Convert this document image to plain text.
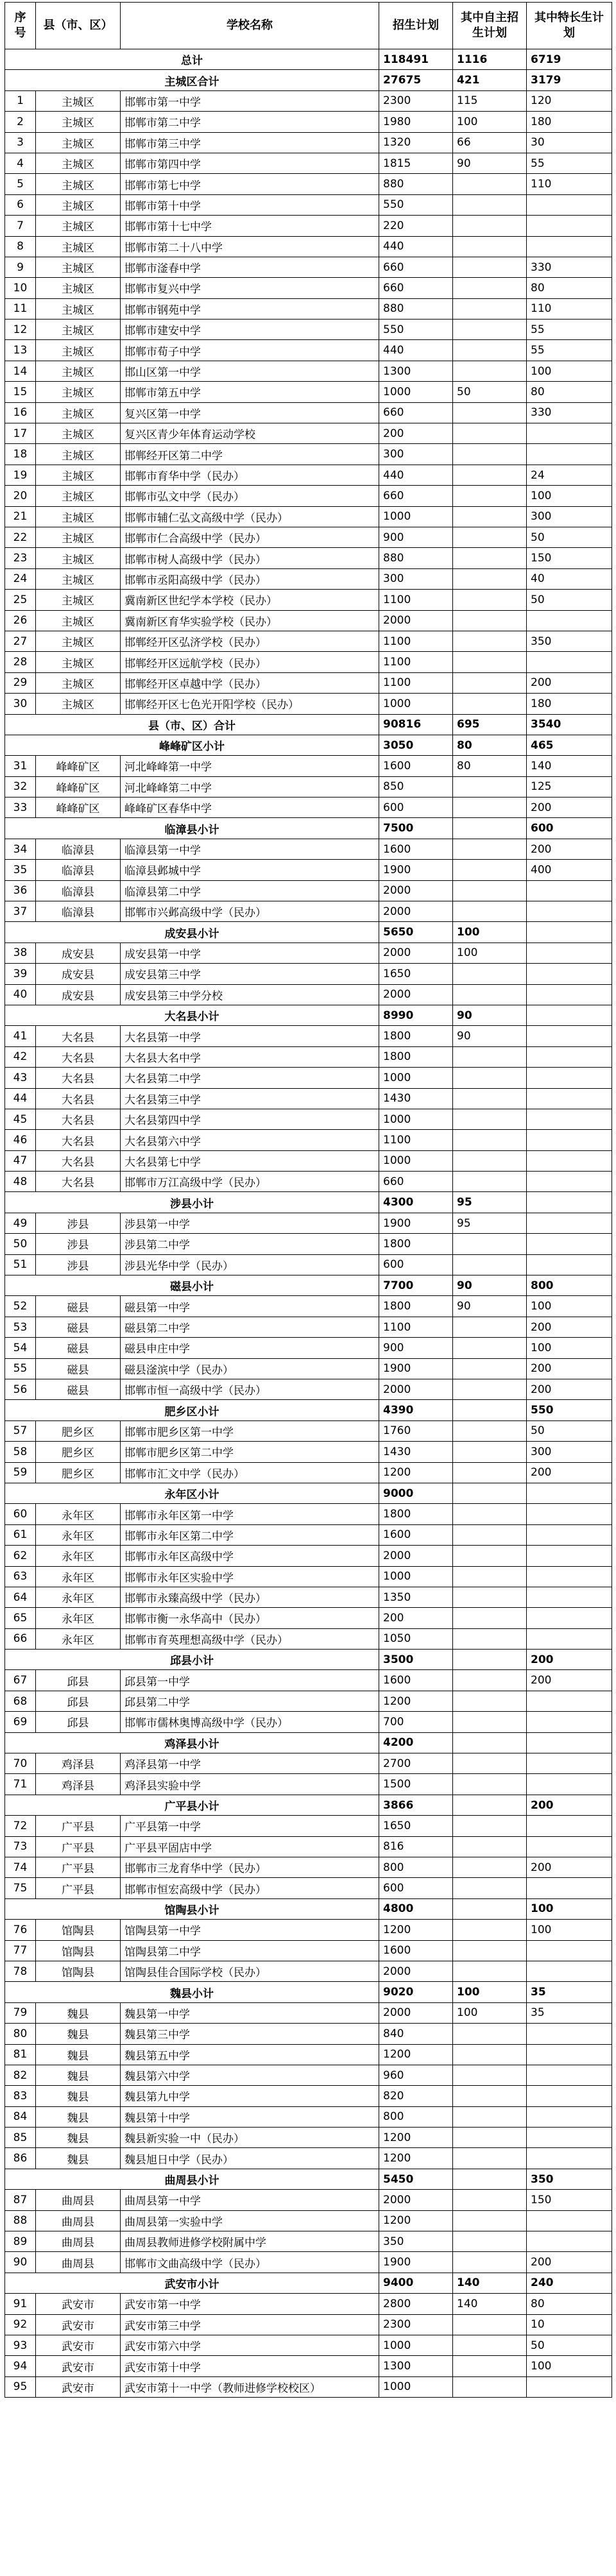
序号	县（市、区）	学校名称	招生计划	其中自主招生计划	其中特长生计划
总计			118491	1116	6719
主城区合计			27675	421	3179
1	主城区	邯郸市第一中学	2300	115	120
2	主城区	邯郸市第二中学	1980	100	180
3	主城区	邯郸市第三中学	1320	66	30
4	主城区	邯郸市第四中学	1815	90	55
5	主城区	邯郸市第七中学	880		110
6	主城区	邯郸市第十中学	550		
7	主城区	邯郸市第十七中学	220		
8	主城区	邯郸市第二十八中学	440		
9	主城区	邯郸市滏春中学	660		330
10	主城区	邯郸市复兴中学	660		80
11	主城区	邯郸市钢苑中学	880		110
12	主城区	邯郸市建安中学	550		55
13	主城区	邯郸市荀子中学	440		55
14	主城区	邯山区第一中学	1300		100
15	主城区	邯郸市第五中学	1000	50	80
16	主城区	复兴区第一中学	660		330
17	主城区	复兴区青少年体育运动学校	200		
18	主城区	邯郸经开区第二中学	300		
19	主城区	邯郸市育华中学（民办）	440		24
20	主城区	邯郸市弘文中学（民办）	660		100
21	主城区	邯郸市辅仁弘文高级中学（民办）	1000		300
22	主城区	邯郸市仁合高级中学（民办）	900		50
23	主城区	邯郸市树人高级中学（民办）	880		150
24	主城区	邯郸市丞阳高级中学（民办）	300		40
25	主城区	冀南新区世纪学本学校（民办）	1100		50
26	主城区	冀南新区育华实验学校（民办）	2000		
27	主城区	邯郸经开区弘济学校（民办）	1100		350
28	主城区	邯郸经开区远航学校（民办）	1100		
29	主城区	邯郸经开区卓越中学（民办）	1100		200
30	主城区	邯郸经开区七色光开阳学校（民办）	1000		180
县（市、区）合计			90816	695	3540
峰峰矿区小计			3050	80	465
31	峰峰矿区	河北峰峰第一中学	1600	80	140
32	峰峰矿区	河北峰峰第二中学	850		125
33	峰峰矿区	峰峰矿区春华中学	600		200
临漳县小计			7500		600
34	临漳县	临漳县第一中学	1600		200
35	临漳县	临漳县邺城中学	1900		400
36	临漳县	临漳县第二中学	2000		
37	临漳县	邯郸市兴邺高级中学（民办）	2000		
成安县小计			5650	100	
38	成安县	成安县第一中学	2000	100	
39	成安县	成安县第三中学	1650		
40	成安县	成安县第三中学分校	2000		
大名县小计			8990	90	
41	大名县	大名县第一中学	1800	90	
42	大名县	大名县大名中学	1800		
43	大名县	大名县第二中学	1000		
44	大名县	大名县第三中学	1430		
45	大名县	大名县第四中学	1000		
46	大名县	大名县第六中学	1100		
47	大名县	大名县第七中学	1000		
48	大名县	邯郸市万江高级中学（民办）	660		
涉县小计			4300	95	
49	涉县	涉县第一中学	1900	95	
50	涉县	涉县第二中学	1800		
51	涉县	涉县光华中学（民办）	600		
磁县小计			7700	90	800
52	磁县	磁县第一中学	1800	90	100
53	磁县	磁县第二中学	1100		200
54	磁县	磁县申庄中学	900		100
55	磁县	磁县滏滨中学（民办）	1900		200
56	磁县	邯郸市恒一高级中学（民办）	2000		200
肥乡区小计			4390		550
57	肥乡区	邯郸市肥乡区第一中学	1760		50
58	肥乡区	邯郸市肥乡区第二中学	1430		300
59	肥乡区	邯郸市汇文中学（民办）	1200		200
永年区小计			9000		
60	永年区	邯郸市永年区第一中学	1800		
61	永年区	邯郸市永年区第二中学	1600		
62	永年区	邯郸市永年区高级中学	2000		
63	永年区	邯郸市永年区实验中学	1000		
64	永年区	邯郸市永臻高级中学（民办）	1350		
65	永年区	邯郸市衡一永华高中（民办）	200		
66	永年区	邯郸市育英理想高级中学（民办）	1050		
邱县小计			3500		200
67	邱县	邱县第一中学	1600		200
68	邱县	邱县第二中学	1200		
69	邱县	邯郸市儒林奥博高级中学（民办）	700		
鸡泽县小计			4200		
70	鸡泽县	鸡泽县第一中学	2700		
71	鸡泽县	鸡泽县实验中学	1500		
广平县小计			3866		200
72	广平县	广平县第一中学	1650		
73	广平县	广平县平固店中学	816		
74	广平县	邯郸市三龙育华中学（民办）	800		200
75	广平县	邯郸市恒宏高级中学（民办）	600		
馆陶县小计			4800		100
76	馆陶县	馆陶县第一中学	1200		100
77	馆陶县	馆陶县第二中学	1600		
78	馆陶县	馆陶县佳合国际学校（民办）	2000		
魏县小计			9020	100	35
79	魏县	魏县第一中学	2000	100	35
80	魏县	魏县第三中学	840		
81	魏县	魏县第五中学	1200		
82	魏县	魏县第六中学	960		
83	魏县	魏县第九中学	820		
84	魏县	魏县第十中学	800		
85	魏县	魏县新实验一中（民办）	1200		
86	魏县	魏县旭日中学（民办）	1200		
曲周县小计			5450		350
87	曲周县	曲周县第一中学	2000		150
88	曲周县	曲周县第一实验中学	1200		
89	曲周县	曲周县教师进修学校附属中学	350		
90	曲周县	邯郸市文曲高级中学（民办）	1900		200
武安市小计			9400	140	240
91	武安市	武安市第一中学	2800	140	80
92	武安市	武安市第三中学	2300		10
93	武安市	武安市第六中学	1000		50
94	武安市	武安市第十中学	1300		100
95	武安市	武安市第十一中学（教师进修学校校区）	1000		
